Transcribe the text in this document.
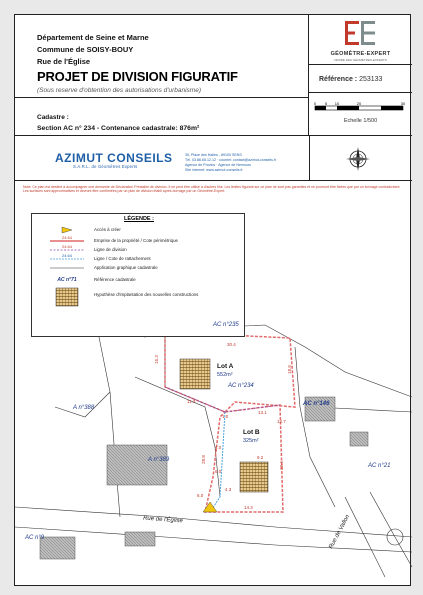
Département de Seine et Marne
Commune de SOISY-BOUY
Rue de l'Église
PROJET DE DIVISION FIGURATIF
(Sous reserve d'obtention des autorisations d'urbanisme)
Cadastre :
Section AC n° 234 - Contenance cadastrale: 876m²
GÉOMÈTRE-EXPERT
ORDRE DES GÉOMÈTRES-EXPERTS
Référence : 253133
0 5 10	20	30
Echelle 1/500
AZIMUT CONSEILS
S.A.R.L. de Géomètres Experts
35, Place des Halles - 89100 SENS
Tél. 03.86.65.12.12 · courriel: contact@azimut-conseils.fr
Agence de Provins · Agence de Nemours
Site internet: www.azimut-conseils.fr
Note: Ce plan est destiné à accompagner une demande de Déclaration Préalable de division. Il ne peut être utilisé à d'autres fins. Les limites figurant sur ce plan ne sont pas garanties et ne pourront être fixées que par un bornage contradictoire. Les surfaces sont approximatives et devront être confirmées par un plan de division établi après bornage par un Géomètre-Expert.
LÉGENDE :
24.64
24.64
24.64
AC n°71
Accès à créer
Emprise de la propriété / Cote périmétrique
Ligne de division
Ligne / Cote de rattachement
Application graphique cadastrale
Référence cadastrale
Hypothèse d'implantation des nouvelles constructions
AC n°235
AC n°234
AC n°146
A n°388
A n°389
AC n°21
AC n°9
Lot A
552m²
Lot B
325m²
Rue de l'Église	Rue de Vallon
30.4
15.3
18.6
11.3
4.0
9.2
6.0
28.8
14.3
1.0
13.1
12.7
29.4
6.0
4.3
